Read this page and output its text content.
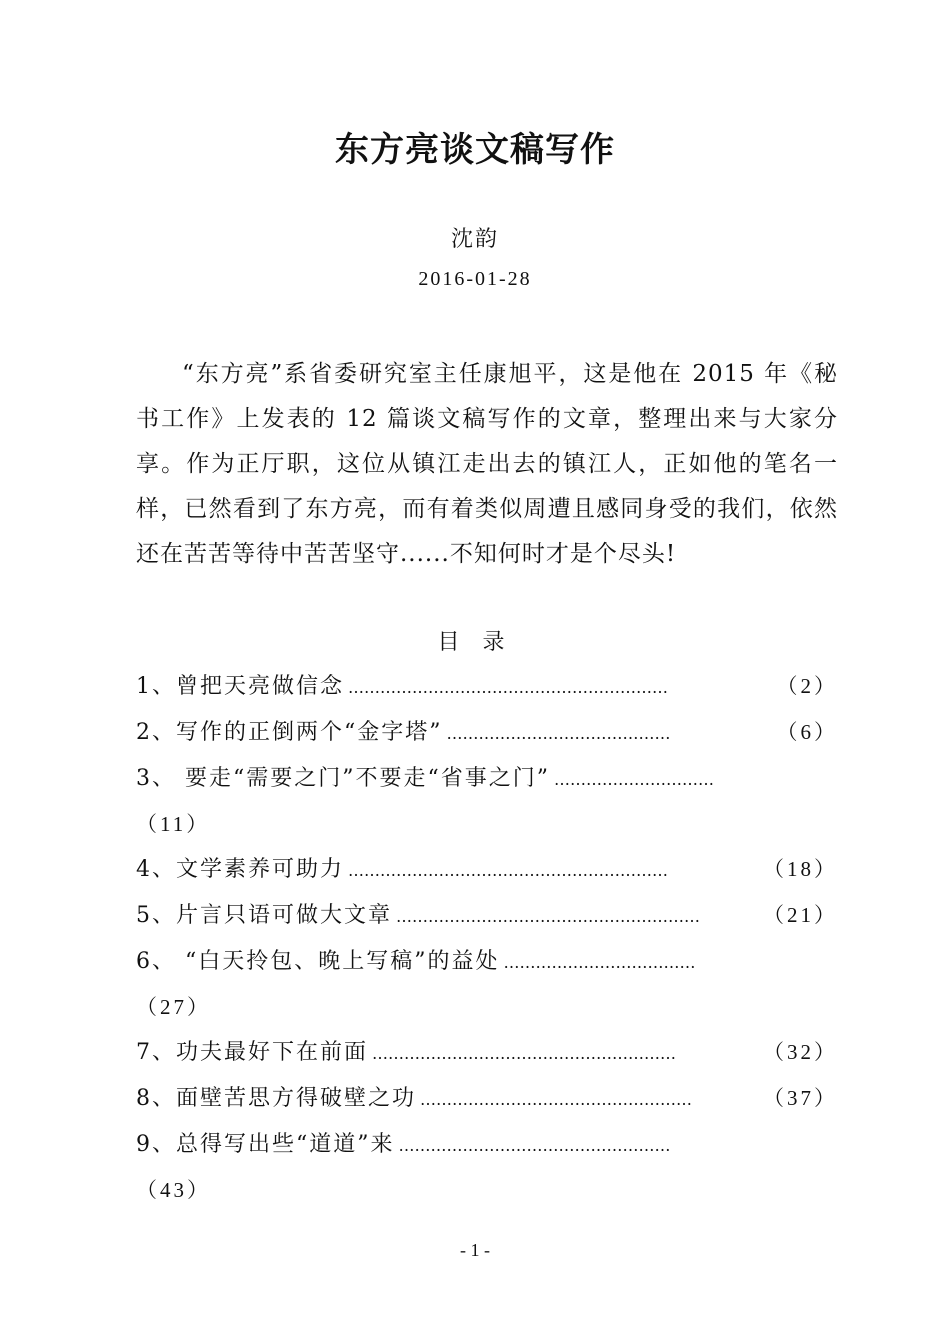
东方亮谈文稿写作
沈韵
2016-01-28

“东方亮”系省委研究室主任康旭平，这是他在 2015 年《秘书工作》上发表的 12 篇谈文稿写作的文章，整理出来与大家分享。作为正厅职，这位从镇江走出去的镇江人，正如他的笔名一样，已然看到了东方亮，而有着类似周遭且感同身受的我们，依然还在苦苦等待中苦苦坚守......不知何时才是个尽头!

目 录
1、曾把天亮做信念 ……………………………………………………	（2）
2、写作的正倒两个“金字塔” ……………………………………	（6）
3、 要走“需要之门”不要走“省事之门” …………………………
（11）
4、文学素养可助力 ……………………………………………………	（18）
5、片言只语可做大文章 …………………………………………………	（21）
6、 “白天拎包、晚上写稿”的益处 ………………………………
（27）
7、功夫最好下在前面 …………………………………………………	（32）
8、面壁苦思方得破壁之功 ……………………………………………	（37）
9、总得写出些“道道”来 ……………………………………………
（43）
- 1 -
